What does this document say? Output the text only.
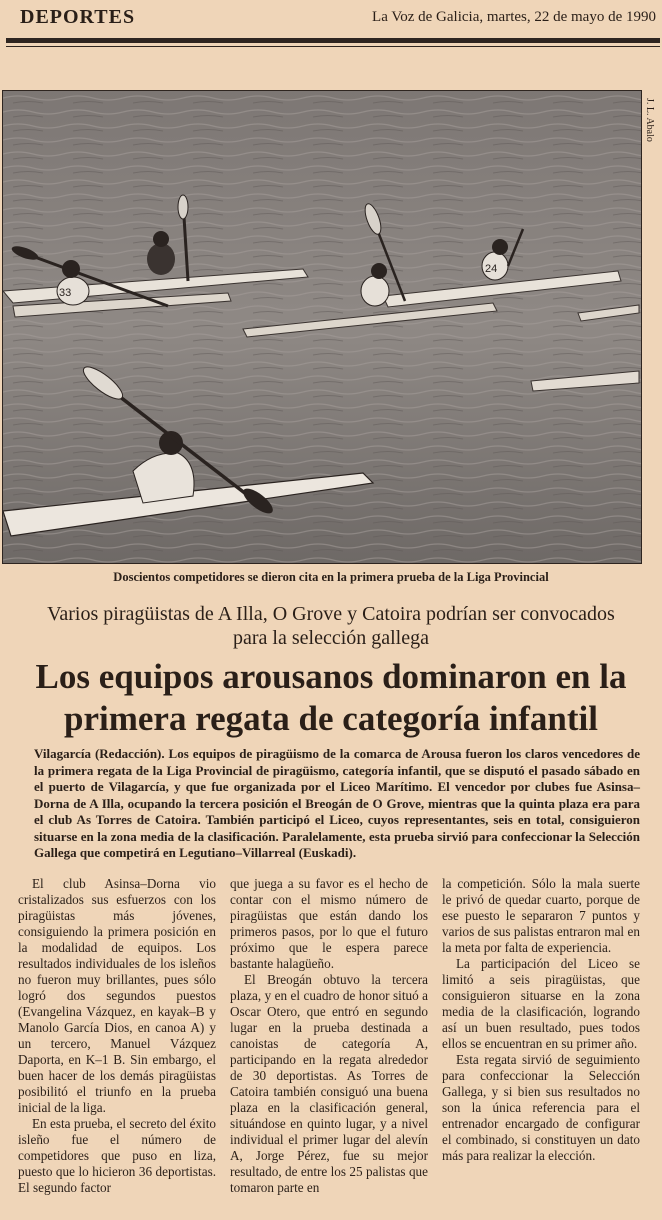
DEPORTES	La Voz de Galicia, martes, 22 de mayo de 1990
33
24
J. L. Abalo
Doscientos competidores se dieron cita en la primera prueba de la Liga Provincial
Varios piragüistas de A Illa, O Grove y Catoira podrían ser convocados para la selección gallega
Los equipos arousanos dominaron en la primera regata de categoría infantil

Vilagarcía (Redacción). Los equipos de piragüismo de la comarca de Arousa fueron los claros vencedores de la primera regata de la Liga Provincial de piragüismo, categoría infantil, que se disputó el pasado sábado en el puerto de Vilagarcía, y que fue organizada por el Liceo Marítimo. El vencedor por clubes fue Asinsa–Dorna de A Illa, ocupando la tercera posición el Breogán de O Grove, mientras que la quinta plaza era para el club As Torres de Catoira. También participó el Liceo, cuyos representantes, seis en total, consiguieron situarse en la zona media de la clasificación. Paralelamente, esta prueba sirvió para confeccionar la Selección Gallega que competirá en Legutiano–Villarreal (Euskadi).

El club Asinsa–Dorna vio cristalizados sus esfuerzos con los piragüistas más jóvenes, consiguiendo la primera posición en la modalidad de equipos. Los resultados individuales de los isleños no fueron muy brillantes, pues sólo logró dos segundos puestos (Evangelina Vázquez, en kayak–B y Manolo García Dios, en canoa A) y un tercero, Manuel Vázquez Daporta, en K–1 B. Sin embargo, el buen hacer de los demás piragüistas posibilitó el triunfo en la prueba inicial de la liga.

En esta prueba, el secreto del éxito isleño fue el número de competidores que puso en liza, puesto que lo hicieron 36 deportistas. El segundo factor

que juega a su favor es el hecho de contar con el mismo número de piragüistas que están dando los primeros pasos, por lo que el futuro próximo que le espera parece bastante halagüeño.

El Breogán obtuvo la tercera plaza, y en el cuadro de honor situó a Oscar Otero, que entró en segundo lugar en la prueba destinada a canoistas de categoría A, participando en la regata alrededor de 30 deportistas. As Torres de Catoira también consiguó una buena plaza en la clasificación general, situándose en quinto lugar, y a nivel individual el primer lugar del alevín A, Jorge Pérez, fue su mejor resultado, de entre los 25 palistas que tomaron parte en

la competición. Sólo la mala suerte le privó de quedar cuarto, porque de ese puesto le separaron 7 puntos y varios de sus palistas entraron mal en la meta por falta de experiencia.

La participación del Liceo se limitó a seis piragüistas, que consiguieron situarse en la zona media de la clasificación, logrando así un buen resultado, pues todos ellos se encuentran en su primer año.

Esta regata sirvió de seguimiento para confeccionar la Selección Gallega, y si bien sus resultados no son la única referencia para el entrenador encargado de configurar el combinado, si constituyen un dato más para realizar la elección.
